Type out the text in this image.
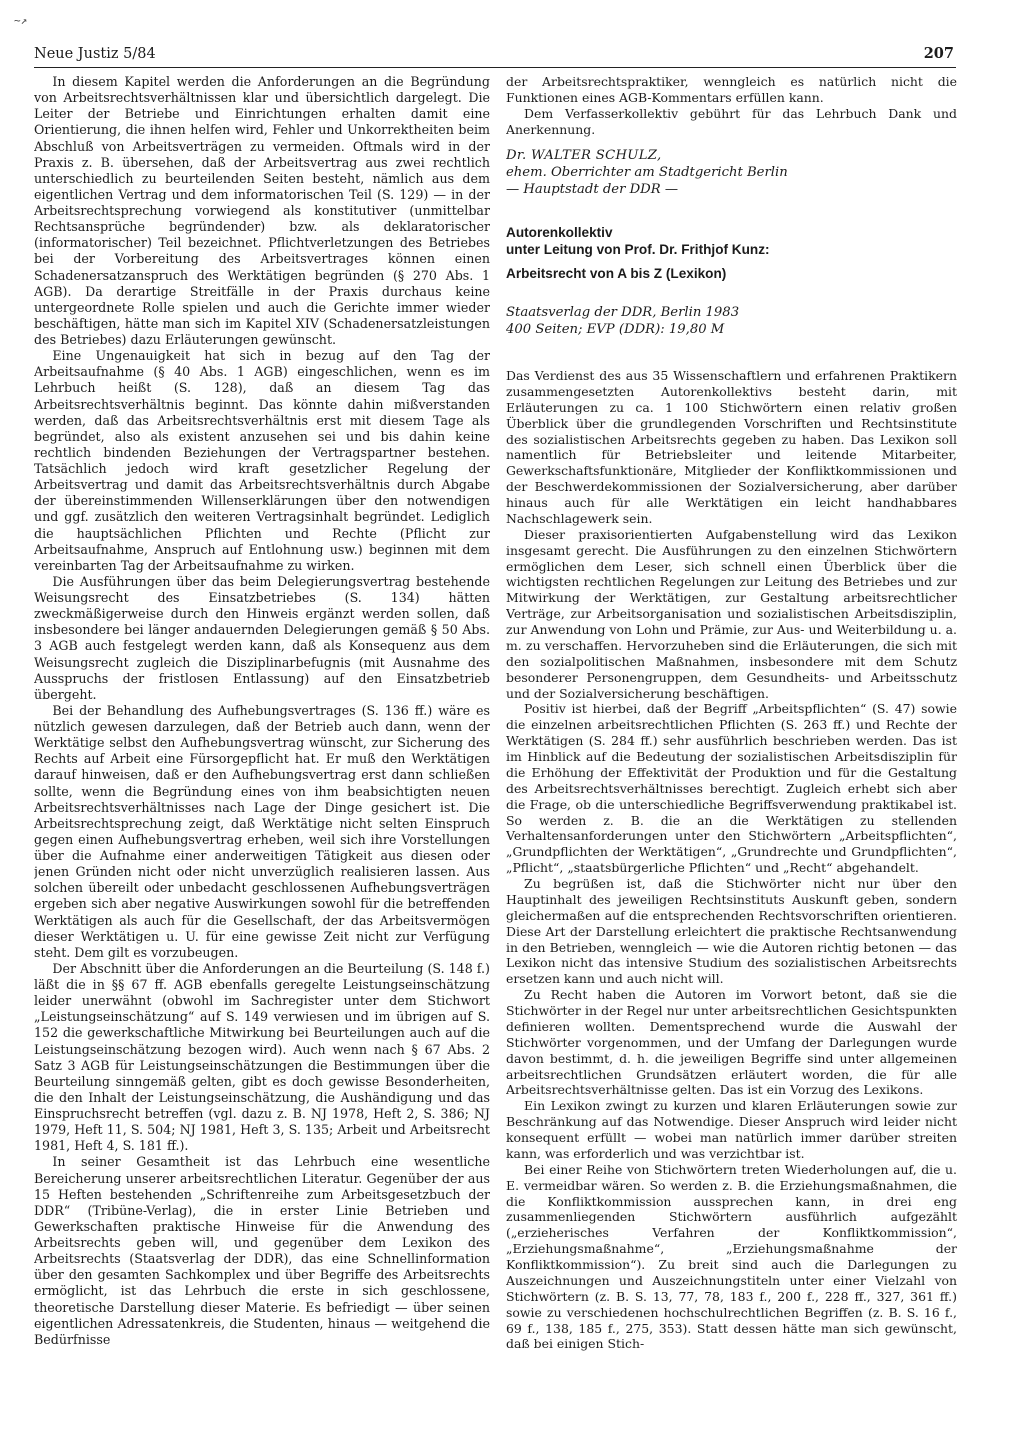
~↗
Neue Justiz 5/84	207

In diesem Kapitel werden die Anforderungen an die Begründung von Arbeitsrechtsverhältnissen klar und übersichtlich dargelegt. Die Leiter der Betriebe und Einrichtungen erhalten damit eine Orientierung, die ihnen helfen wird, Fehler und Unkorrektheiten beim Abschluß von Arbeitsverträgen zu vermeiden. Oftmals wird in der Praxis z. B. übersehen, daß der Arbeitsvertrag aus zwei rechtlich unterschiedlich zu beurteilenden Seiten besteht, nämlich aus dem eigentlichen Vertrag und dem informatorischen Teil (S. 129) — in der Arbeitsrechtsprechung vorwiegend als konstitutiver (unmittelbar Rechtsansprüche begründender) bzw. als deklaratorischer (informatorischer) Teil bezeichnet. Pflichtverletzungen des Betriebes bei der Vorbereitung des Arbeitsvertrages können einen Schadenersatzanspruch des Werktätigen begründen (§ 270 Abs. 1 AGB). Da derartige Streitfälle in der Praxis durchaus keine untergeordnete Rolle spielen und auch die Gerichte immer wieder beschäftigen, hätte man sich im Kapitel XIV (Schadenersatzleistungen des Betriebes) dazu Erläuterungen gewünscht.

Eine Ungenauigkeit hat sich in bezug auf den Tag der Arbeitsaufnahme (§ 40 Abs. 1 AGB) eingeschlichen, wenn es im Lehrbuch heißt (S. 128), daß an diesem Tag das Arbeitsrechtsverhältnis beginnt. Das könnte dahin mißverstanden werden, daß das Arbeitsrechtsverhältnis erst mit diesem Tage als begründet, also als existent anzusehen sei und bis dahin keine rechtlich bindenden Beziehungen der Vertragspartner bestehen. Tatsächlich jedoch wird kraft gesetzlicher Regelung der Arbeitsvertrag und damit das Arbeitsrechtsverhältnis durch Abgabe der übereinstimmenden Willenserklärungen über den notwendigen und ggf. zusätzlich den weiteren Vertragsinhalt begründet. Lediglich die hauptsächlichen Pflichten und Rechte (Pflicht zur Arbeitsaufnahme, Anspruch auf Entlohnung usw.) beginnen mit dem vereinbarten Tag der Arbeitsaufnahme zu wirken.

Die Ausführungen über das beim Delegierungsvertrag bestehende Weisungsrecht des Einsatzbetriebes (S. 134) hätten zweckmäßigerweise durch den Hinweis ergänzt werden sollen, daß insbesondere bei länger andauernden Delegierungen gemäß § 50 Abs. 3 AGB auch festgelegt werden kann, daß als Konsequenz aus dem Weisungsrecht zugleich die Disziplinarbefugnis (mit Ausnahme des Ausspruchs der fristlosen Entlassung) auf den Einsatzbetrieb übergeht.

Bei der Behandlung des Aufhebungsvertrages (S. 136 ff.) wäre es nützlich gewesen darzulegen, daß der Betrieb auch dann, wenn der Werktätige selbst den Aufhebungsvertrag wünscht, zur Sicherung des Rechts auf Arbeit eine Fürsorgepflicht hat. Er muß den Werktätigen darauf hinweisen, daß er den Aufhebungsvertrag erst dann schließen sollte, wenn die Begründung eines von ihm beabsichtigten neuen Arbeitsrechtsverhältnisses nach Lage der Dinge gesichert ist. Die Arbeitsrechtsprechung zeigt, daß Werktätige nicht selten Einspruch gegen einen Aufhebungsvertrag erheben, weil sich ihre Vorstellungen über die Aufnahme einer anderweitigen Tätigkeit aus diesen oder jenen Gründen nicht oder nicht unverzüglich realisieren lassen. Aus solchen übereilt oder unbedacht geschlossenen Aufhebungsverträgen ergeben sich aber negative Auswirkungen sowohl für die betreffenden Werktätigen als auch für die Gesellschaft, der das Arbeitsvermögen dieser Werktätigen u. U. für eine gewisse Zeit nicht zur Verfügung steht. Dem gilt es vorzubeugen.

Der Abschnitt über die Anforderungen an die Beurteilung (S. 148 f.) läßt die in §§ 67 ff. AGB ebenfalls geregelte Leistungseinschätzung leider unerwähnt (obwohl im Sachregister unter dem Stichwort „Leistungseinschätzung“ auf S. 149 verwiesen und im übrigen auf S. 152 die gewerkschaftliche Mitwirkung bei Beurteilungen auch auf die Leistungseinschätzung bezogen wird). Auch wenn nach § 67 Abs. 2 Satz 3 AGB für Leistungseinschätzungen die Bestimmungen über die Beurteilung sinngemäß gelten, gibt es doch gewisse Besonderheiten, die den Inhalt der Leistungseinschätzung, die Aushändigung und das Einspruchsrecht betreffen (vgl. dazu z. B. NJ 1978, Heft 2, S. 386; NJ 1979, Heft 11, S. 504; NJ 1981, Heft 3, S. 135; Arbeit und Arbeitsrecht 1981, Heft 4, S. 181 ff.).

In seiner Gesamtheit ist das Lehrbuch eine wesentliche Bereicherung unserer arbeitsrechtlichen Literatur. Gegenüber der aus 15 Heften bestehenden „Schriftenreihe zum Arbeitsgesetzbuch der DDR“ (Tribüne-Verlag), die in erster Linie Betrieben und Gewerkschaften praktische Hinweise für die Anwendung des Arbeitsrechts geben will, und gegenüber dem Lexikon des Arbeitsrechts (Staatsverlag der DDR), das eine Schnellinformation über den gesamten Sachkomplex und über Begriffe des Arbeitsrechts ermöglicht, ist das Lehrbuch die erste in sich geschlossene, theoretische Darstellung dieser Materie. Es befriedigt — über seinen eigentlichen Adressatenkreis, die Studenten, hinaus — weitgehend die Bedürfnisse

der Arbeitsrechtspraktiker, wenngleich es natürlich nicht die Funktionen eines AGB-Kommentars erfüllen kann.

Dem Verfasserkollektiv gebührt für das Lehrbuch Dank und Anerkennung.

Dr. WALTER SCHULZ,
ehem. Oberrichter am Stadtgericht Berlin
— Hauptstadt der DDR —
Autorenkollektiv
unter Leitung von Prof. Dr. Frithjof Kunz:
Arbeitsrecht von A bis Z (Lexikon)
Staatsverlag der DDR, Berlin 1983
400 Seiten; EVP (DDR): 19,80 M

Das Verdienst des aus 35 Wissenschaftlern und erfahrenen Praktikern zusammengesetzten Autorenkollektivs besteht darin, mit Erläuterungen zu ca. 1 100 Stichwörtern einen relativ großen Überblick über die grundlegenden Vorschriften und Rechtsinstitute des sozialistischen Arbeitsrechts gegeben zu haben. Das Lexikon soll namentlich für Betriebsleiter und leitende Mitarbeiter, Gewerkschaftsfunktionäre, Mitglieder der Konfliktkommissionen und der Beschwerdekommissionen der Sozialversicherung, aber darüber hinaus auch für alle Werktätigen ein leicht handhabbares Nachschlagewerk sein.

Dieser praxisorientierten Aufgabenstellung wird das Lexikon insgesamt gerecht. Die Ausführungen zu den einzelnen Stichwörtern ermöglichen dem Leser, sich schnell einen Überblick über die wichtigsten rechtlichen Regelungen zur Leitung des Betriebes und zur Mitwirkung der Werktätigen, zur Gestaltung arbeitsrechtlicher Verträge, zur Arbeitsorganisation und sozialistischen Arbeitsdisziplin, zur Anwendung von Lohn und Prämie, zur Aus- und Weiterbildung u. a. m. zu verschaffen. Hervorzuheben sind die Erläuterungen, die sich mit den sozialpolitischen Maßnahmen, insbesondere mit dem Schutz besonderer Personengruppen, dem Gesundheits- und Arbeitsschutz und der Sozialversicherung beschäftigen.

Positiv ist hierbei, daß der Begriff „Arbeitspflichten“ (S. 47) sowie die einzelnen arbeitsrechtlichen Pflichten (S. 263 ff.) und Rechte der Werktätigen (S. 284 ff.) sehr ausführlich beschrieben werden. Das ist im Hinblick auf die Bedeutung der sozialistischen Arbeitsdisziplin für die Erhöhung der Effektivität der Produktion und für die Gestaltung des Arbeitsrechtsverhältnisses berechtigt. Zugleich erhebt sich aber die Frage, ob die unterschiedliche Begriffsverwendung praktikabel ist. So werden z. B. die an die Werktätigen zu stellenden Verhaltensanforderungen unter den Stichwörtern „Arbeitspflichten“, „Grundpflichten der Werktätigen“, „Grundrechte und Grundpflichten“, „Pflicht“, „staatsbürgerliche Pflichten“ und „Recht“ abgehandelt.

Zu begrüßen ist, daß die Stichwörter nicht nur über den Hauptinhalt des jeweiligen Rechtsinstituts Auskunft geben, sondern gleichermaßen auf die entsprechenden Rechtsvorschriften orientieren. Diese Art der Darstellung erleichtert die praktische Rechtsanwendung in den Betrieben, wenngleich — wie die Autoren richtig betonen — das Lexikon nicht das intensive Studium des sozialistischen Arbeitsrechts ersetzen kann und auch nicht will.

Zu Recht haben die Autoren im Vorwort betont, daß sie die Stichwörter in der Regel nur unter arbeitsrechtlichen Gesichtspunkten definieren wollten. Dementsprechend wurde die Auswahl der Stichwörter vorgenommen, und der Umfang der Darlegungen wurde davon bestimmt, d. h. die jeweiligen Begriffe sind unter allgemeinen arbeitsrechtlichen Grundsätzen erläutert worden, die für alle Arbeitsrechtsverhältnisse gelten. Das ist ein Vorzug des Lexikons.

Ein Lexikon zwingt zu kurzen und klaren Erläuterungen sowie zur Beschränkung auf das Notwendige. Dieser Anspruch wird leider nicht konsequent erfüllt — wobei man natürlich immer darüber streiten kann, was erforderlich und was verzichtbar ist.

Bei einer Reihe von Stichwörtern treten Wiederholungen auf, die u. E. vermeidbar wären. So werden z. B. die Erziehungsmaßnahmen, die die Konfliktkommission aussprechen kann, in drei eng zusammenliegenden Stichwörtern ausführlich aufgezählt („erzieherisches Verfahren der Konfliktkommission“, „Erziehungsmaßnahme“, „Erziehungsmaßnahme der Konfliktkommission“). Zu breit sind auch die Darlegungen zu Auszeichnungen und Auszeichnungstiteln unter einer Vielzahl von Stichwörtern (z. B. S. 13, 77, 78, 183 f., 200 f., 228 ff., 327, 361 ff.) sowie zu verschiedenen hochschulrechtlichen Begriffen (z. B. S. 16 f., 69 f., 138, 185 f., 275, 353). Statt dessen hätte man sich gewünscht, daß bei einigen Stich-
